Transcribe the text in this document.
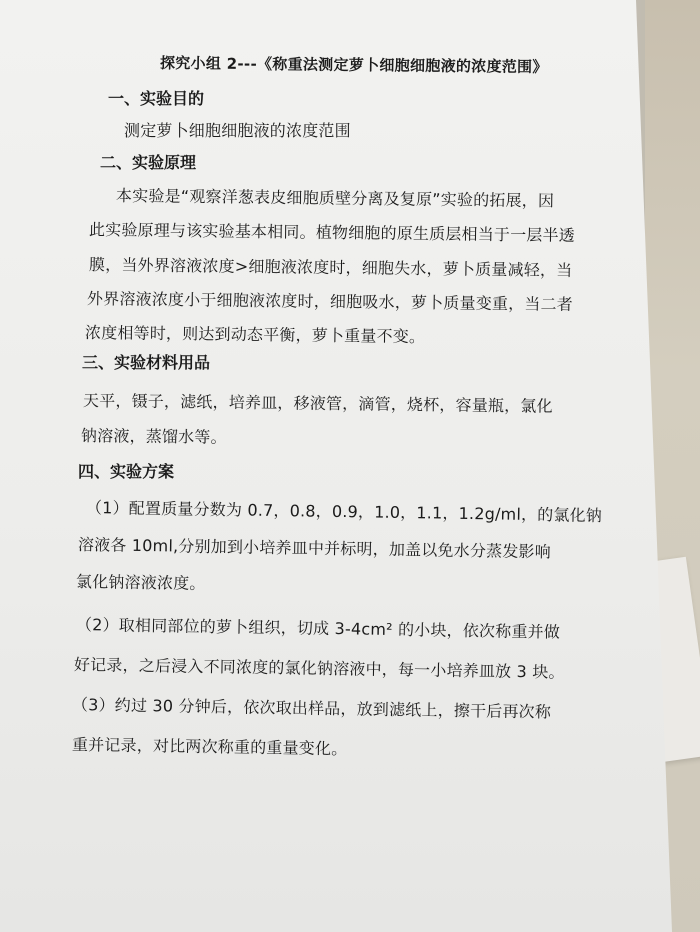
探究小组 2---《称重法测定萝卜细胞细胞液的浓度范围》
一、实验目的
测定萝卜细胞细胞液的浓度范围
二、实验原理
本实验是“观察洋葱表皮细胞质壁分离及复原”实验的拓展，因
此实验原理与该实验基本相同。植物细胞的原生质层相当于一层半透
膜，当外界溶液浓度>细胞液浓度时，细胞失水，萝卜质量减轻，当
外界溶液浓度小于细胞液浓度时，细胞吸水，萝卜质量变重，当二者
浓度相等时，则达到动态平衡，萝卜重量不变。
三、实验材料用品
天平，镊子，滤纸，培养皿，移液管，滴管，烧杯，容量瓶，氯化
钠溶液，蒸馏水等。
四、实验方案
（1）配置质量分数为 0.7，0.8，0.9，1.0，1.1，1.2g/ml，的氯化钠
溶液各 10ml,分别加到小培养皿中并标明，加盖以免水分蒸发影响
氯化钠溶液浓度。
（2）取相同部位的萝卜组织，切成 3-4cm² 的小块，依次称重并做
好记录，之后浸入不同浓度的氯化钠溶液中，每一小培养皿放 3 块。
（3）约过 30 分钟后，依次取出样品，放到滤纸上，擦干后再次称
重并记录，对比两次称重的重量变化。
